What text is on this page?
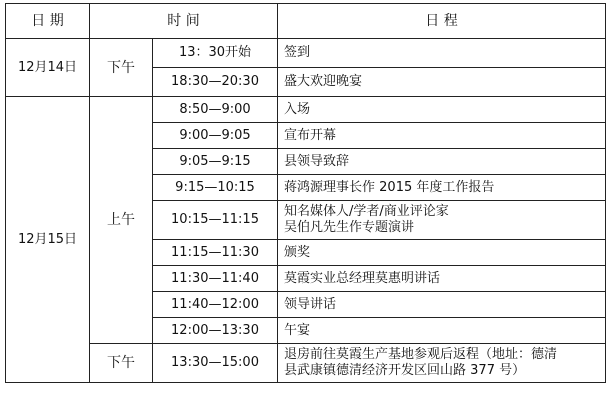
日 期	时 间		日 程
12月14日	下午	13：30开始	签到

		18:30—20:30	盛大欢迎晚宴

12月15日	上午	8:50—9:00	入场

		9:00—9:05	宣布开幕

		9:05—9:15	县领导致辞

		9:15—10:15	蒋鸿源理事长作 2015 年度工作报告

		10:15—11:15	知名媒体人/学者/商业评论家
吴伯凡先生作专题演讲

		11:15—11:30	颁奖

		11:30—11:40	莫霞实业总经理莫惠明讲话

		11:40—12:00	领导讲话

		12:00—13:30	午宴

	下午	13:30—15:00	退房前往莫霞生产基地参观后返程（地址：德清
县武康镇德清经济开发区回山路 377 号）
